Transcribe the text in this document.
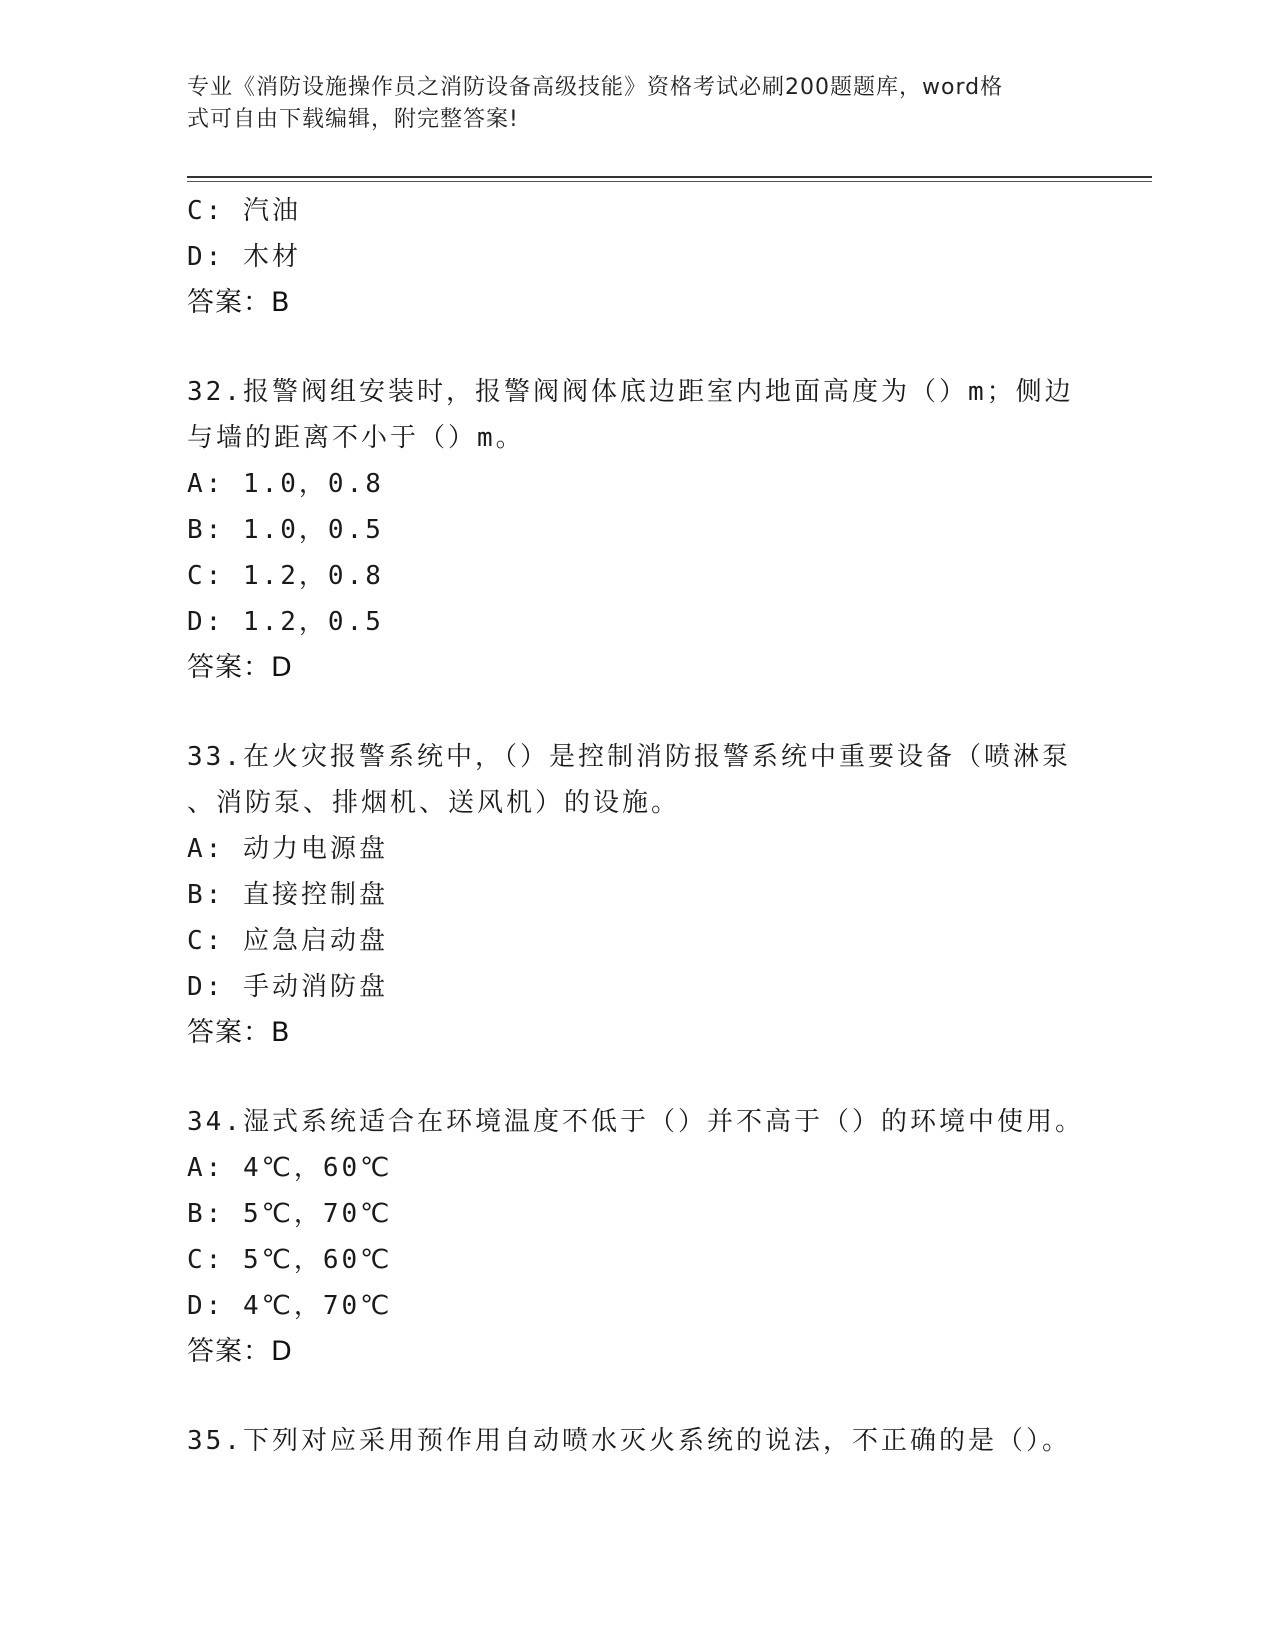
专业《消防设施操作员之消防设备高级技能》资格考试必刷200题题库，word格
式可自由下载编辑，附完整答案!
C: 汽油
D: 木材
答案：B
32.报警阀组安装时，报警阀阀体底边距室内地面高度为（）m；侧边
与墙的距离不小于（）m。
A: 1.0，0.8
B: 1.0，0.5
C: 1.2，0.8
D: 1.2，0.5
答案：D
33.在火灾报警系统中，（）是控制消防报警系统中重要设备（喷淋泵
、消防泵、排烟机、送风机）的设施。
A: 动力电源盘
B: 直接控制盘
C: 应急启动盘
D: 手动消防盘
答案：B
34.湿式系统适合在环境温度不低于（）并不高于（）的环境中使用。
A: 4℃，60℃
B: 5℃，70℃
C: 5℃，60℃
D: 4℃，70℃
答案：D
35.下列对应采用预作用自动喷水灭火系统的说法，不正确的是（）。
